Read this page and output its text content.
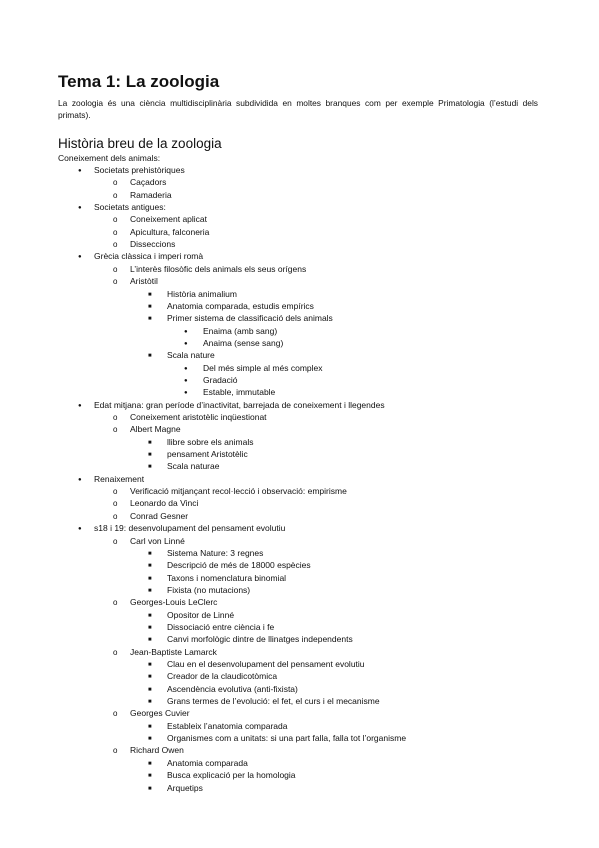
Tema 1: La zoologia

La zoologia és una ciència multidisciplinària subdividida en moltes branques com per exemple Primatologia (l’estudi dels primats).

Història breu de la zoologia
Coneixement dels animals:
●
Societats prehistòriques
o
Caçadors
o
Ramaderia
●
Societats antigues:
o
Coneixement aplicat
o
Apicultura, falconeria
o
Disseccions
●
Grècia clàssica i imperi romà
o
L’interès filosòfic dels animals els seus orígens
o
Aristòtil
■
Història animalium
■
Anatomia comparada, estudis empírics
■
Primer sistema de classificació dels animals
●
Enaima (amb sang)
●
Anaima (sense sang)
■
Scala nature
●
Del més simple al més complex
●
Gradació
●
Estable, immutable
●
Edat mitjana: gran període d’inactivitat, barrejada de coneixement i llegendes
o
Coneixement aristotèlic inqüestionat
o
Albert Magne
■
llibre sobre els animals
■
pensament Aristotèlic
■
Scala naturae
●
Renaixement
o
Verificació mitjançant recol·lecció i observació: empirisme
o
Leonardo da Vinci
o
Conrad Gesner
●
s18 i 19: desenvolupament del pensament evolutiu
o
Carl von Linné
■
Sistema Nature: 3 regnes
■
Descripció de més de 18000 espècies
■
Taxons i nomenclatura binomial
■
Fixista (no mutacions)
o
Georges-Louis LeClerc
■
Opositor de Linné
■
Dissociació entre ciència i fe
■
Canvi morfològic dintre de llinatges independents
o
Jean-Baptiste Lamarck
■
Clau en el desenvolupament del pensament evolutiu
■
Creador de la claudicotòmica
■
Ascendència evolutiva (anti-fixista)
■
Grans termes de l’evolució: el fet, el curs i el mecanisme
o
Georges Cuvier
■
Estableix l’anatomia comparada
■
Organismes com a unitats: si una part falla, falla tot l’organisme
o
Richard Owen
■
Anatomia comparada
■
Busca explicació per la homologia
■
Arquetips
